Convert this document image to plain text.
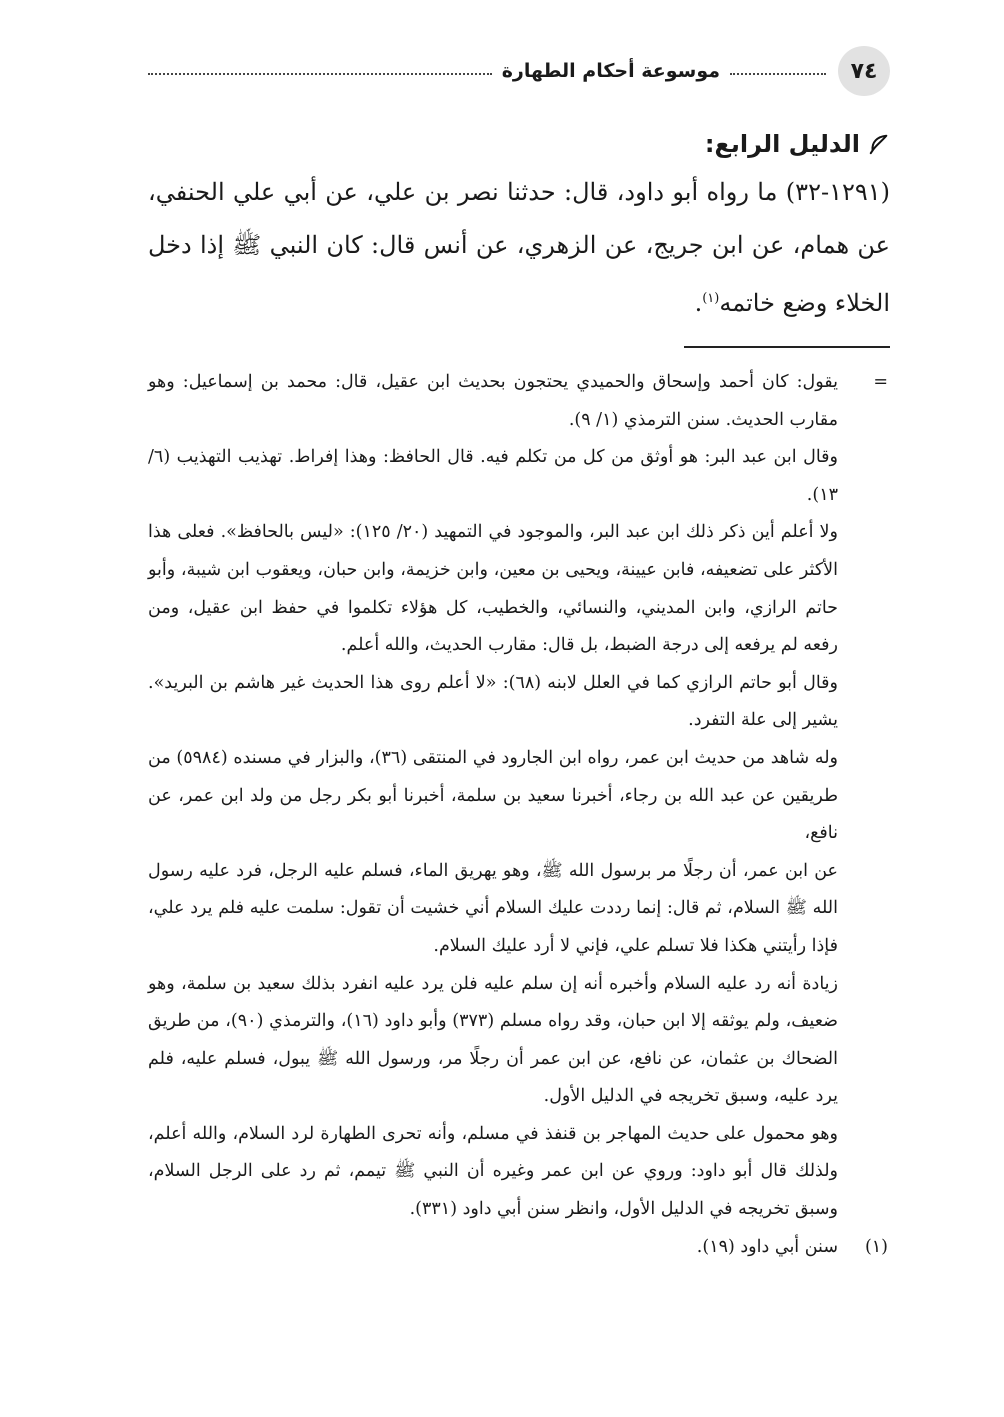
٧٤
موسوعة أحكام الطهارة
الدليل الرابع:

(١٢٩١-٣٢) ما رواه أبو داود، قال: حدثنا نصر بن علي، عن أبي علي الحنفي، عن همام، عن ابن جريج، عن الزهري، عن أنس قال: كان النبي ﷺ إذا دخل الخلاء وضع خاتمه$^{(١)}$.

=
يقول: كان أحمد وإسحاق والحميدي يحتجون بحديث ابن عقيل، قال: محمد بن إسماعيل: وهو مقارب الحديث. سنن الترمذي (١/ ٩).

وقال ابن عبد البر: هو أوثق من كل من تكلم فيه. قال الحافظ: وهذا إفراط. تهذيب التهذيب (٦/ ١٣).

ولا أعلم أين ذكر ذلك ابن عبد البر، والموجود في التمهيد (٢٠/ ١٢٥): «ليس بالحافظ». فعلى هذا الأكثر على تضعيفه، فابن عيينة، ويحيى بن معين، وابن خزيمة، وابن حبان، ويعقوب ابن شيبة، وأبو حاتم الرازي، وابن المديني، والنسائي، والخطيب، كل هؤلاء تكلموا في حفظ ابن عقيل، ومن رفعه لم يرفعه إلى درجة الضبط، بل قال: مقارب الحديث، والله أعلم.

وقال أبو حاتم الرازي كما في العلل لابنه (٦٨): «لا أعلم روى هذا الحديث غير هاشم بن البريد». يشير إلى علة التفرد.

وله شاهد من حديث ابن عمر، رواه ابن الجارود في المنتقى (٣٦)، والبزار في مسنده (٥٩٨٤) من طريقين عن عبد الله بن رجاء، أخبرنا سعيد بن سلمة، أخبرنا أبو بكر رجل من ولد ابن عمر، عن نافع،

عن ابن عمر، أن رجلًا مر برسول الله ﷺ، وهو يهريق الماء، فسلم عليه الرجل، فرد عليه رسول الله ﷺ السلام، ثم قال: إنما رددت عليك السلام أني خشيت أن تقول: سلمت عليه فلم يرد علي، فإذا رأيتني هكذا فلا تسلم علي، فإني لا أرد عليك السلام.

زيادة أنه رد عليه السلام وأخبره أنه إن سلم عليه فلن يرد عليه انفرد بذلك سعيد بن سلمة، وهو ضعيف، ولم يوثقه إلا ابن حبان، وقد رواه مسلم (٣٧٣) وأبو داود (١٦)، والترمذي (٩٠)، من طريق الضحاك بن عثمان، عن نافع، عن ابن عمر أن رجلًا مر، ورسول الله ﷺ يبول، فسلم عليه، فلم يرد عليه، وسبق تخريجه في الدليل الأول.

وهو محمول على حديث المهاجر بن قنفذ في مسلم، وأنه تحرى الطهارة لرد السلام، والله أعلم، ولذلك قال أبو داود: وروي عن ابن عمر وغيره أن النبي ﷺ تيمم، ثم رد على الرجل السلام، وسبق تخريجه في الدليل الأول، وانظر سنن أبي داود (٣٣١).

(١)
سنن أبي داود (١٩).
